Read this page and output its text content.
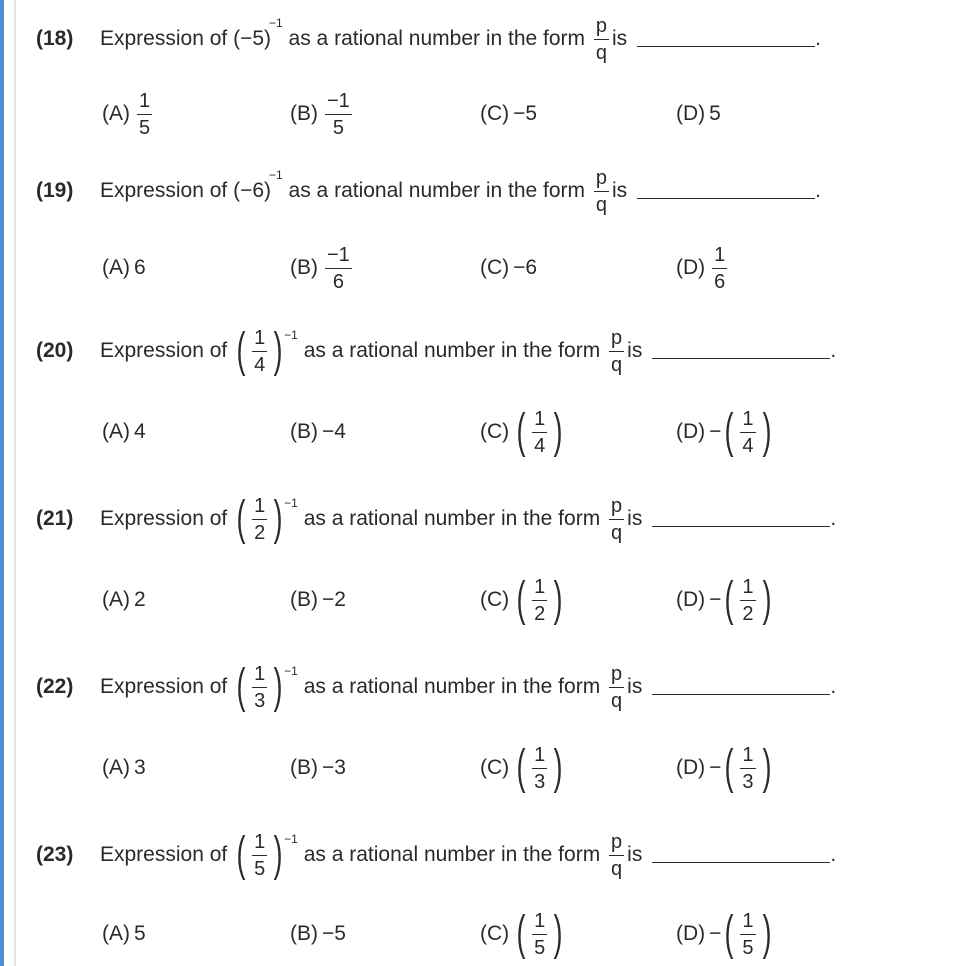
(18)	Expression of
(−5)
−1

as a rational number in the form
$\frac{p}{q}$ is	.
$(A) \frac{1}{5}$	$(B) \frac{-1}{5}$	(C) −5	(D) 5
(19)	Expression of
(−6)
−1

as a rational number in the form
$\frac{p}{q}$ is	.
(A) 6	$(B) \frac{-1}{6}$	(C) −6	$(D) \frac{1}{6}$
(20)	Expression of
( $\frac{1}{4}$ ) −1

as a rational number in the form
$\frac{p}{q}$ is	.
(A) 4	(B) −4	(C) ( $\frac{1}{4}$ )	(D) − ( $\frac{1}{4}$ )
(21)	Expression of
( $\frac{1}{2}$ ) −1

as a rational number in the form
$\frac{p}{q}$ is	.
(A) 2	(B) −2	(C) ( $\frac{1}{2}$ )	(D) − ( $\frac{1}{2}$ )
(22)	Expression of
( $\frac{1}{3}$ ) −1

as a rational number in the form
$\frac{p}{q}$ is	.
(A) 3	(B) −3	(C) ( $\frac{1}{3}$ )	(D) − ( $\frac{1}{3}$ )
(23)	Expression of
( $\frac{1}{5}$ ) −1

as a rational number in the form
$\frac{p}{q}$ is	.
(A) 5	(B) −5	(C) ( $\frac{1}{5}$ )	(D) − ( $\frac{1}{5}$ )
